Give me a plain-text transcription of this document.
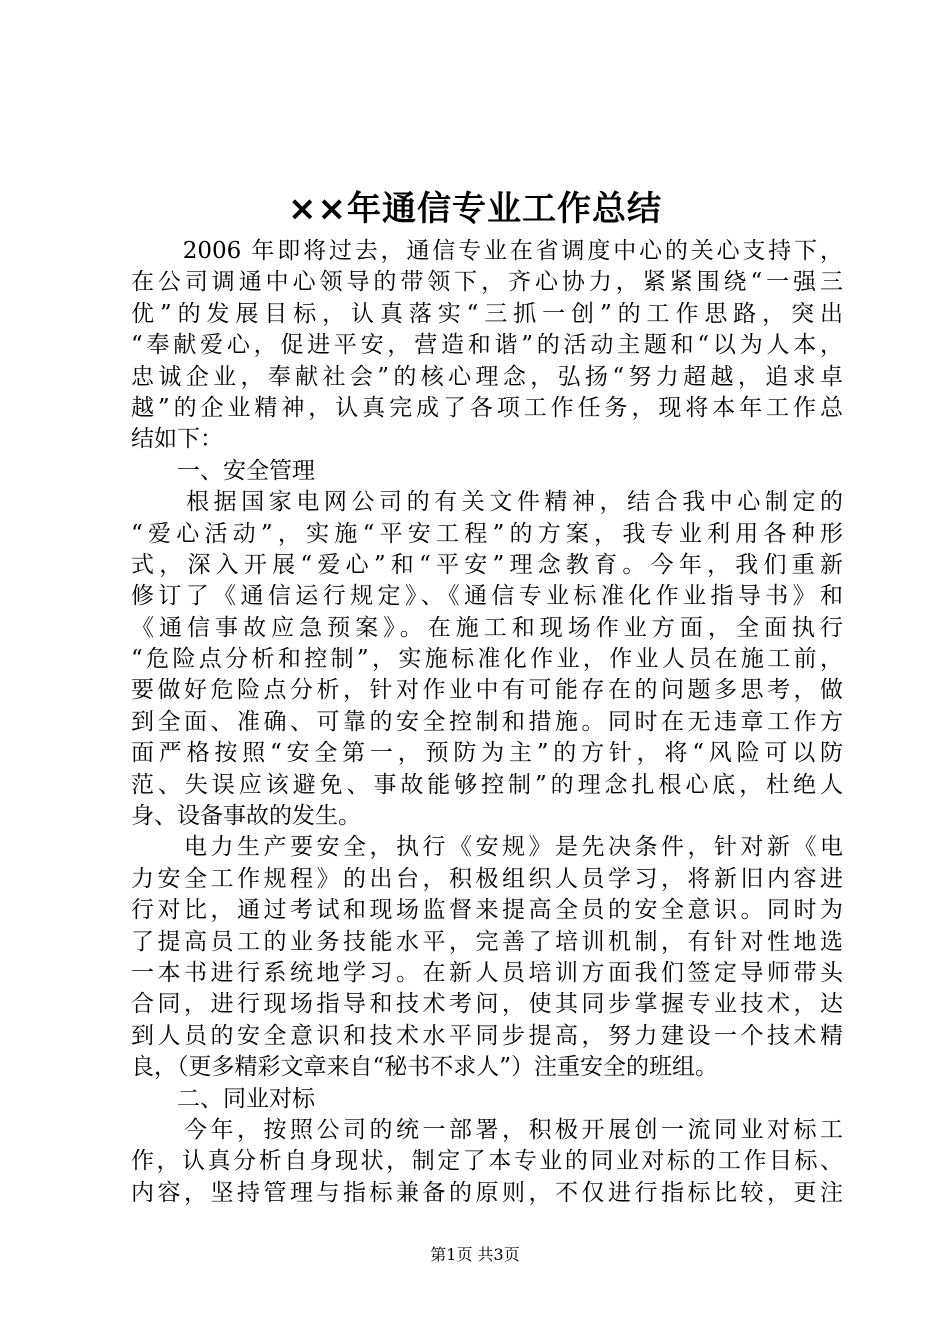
××年通信专业工作总结
　　2006 年即将过去，通信专业在省调度中心的关心支持下，
在公司调通中心领导的带领下，齐心协力，紧紧围绕“一强三
优”的发展目标，认真落实“三抓一创”的工作思路，突出
“奉献爱心，促进平安，营造和谐”的活动主题和“以为人本，
忠诚企业，奉献社会”的核心理念，弘扬“努力超越，追求卓
越”的企业精神，认真完成了各项工作任务，现将本年工作总
结如下：
　　一、安全管理
　　根据国家电网公司的有关文件精神，结合我中心制定的
“爱心活动”，实施“平安工程”的方案，我专业利用各种形
式，深入开展“爱心”和“平安”理念教育。今年，我们重新
修订了《通信运行规定》、《通信专业标准化作业指导书》和
《通信事故应急预案》。在施工和现场作业方面，全面执行
“危险点分析和控制”，实施标准化作业，作业人员在施工前，
要做好危险点分析，针对作业中有可能存在的问题多思考，做
到全面、准确、可靠的安全控制和措施。同时在无违章工作方
面严格按照“安全第一，预防为主”的方针，将“风险可以防
范、失误应该避免、事故能够控制”的理念扎根心底，杜绝人
身、设备事故的发生。
　　电力生产要安全，执行《安规》是先决条件，针对新《电
力安全工作规程》的出台，积极组织人员学习，将新旧内容进
行对比，通过考试和现场监督来提高全员的安全意识。同时为
了提高员工的业务技能水平，完善了培训机制，有针对性地选
一本书进行系统地学习。在新人员培训方面我们签定导师带头
合同，进行现场指导和技术考问，使其同步掌握专业技术，达
到人员的安全意识和技术水平同步提高，努力建设一个技术精
良，（更多精彩文章来自“秘书不求人”）注重安全的班组。
　　二、同业对标
　　今年，按照公司的统一部署，积极开展创一流同业对标工
作，认真分析自身现状，制定了本专业的同业对标的工作目标、
内容，坚持管理与指标兼备的原则，不仅进行指标比较，更注
第1页 共3页
